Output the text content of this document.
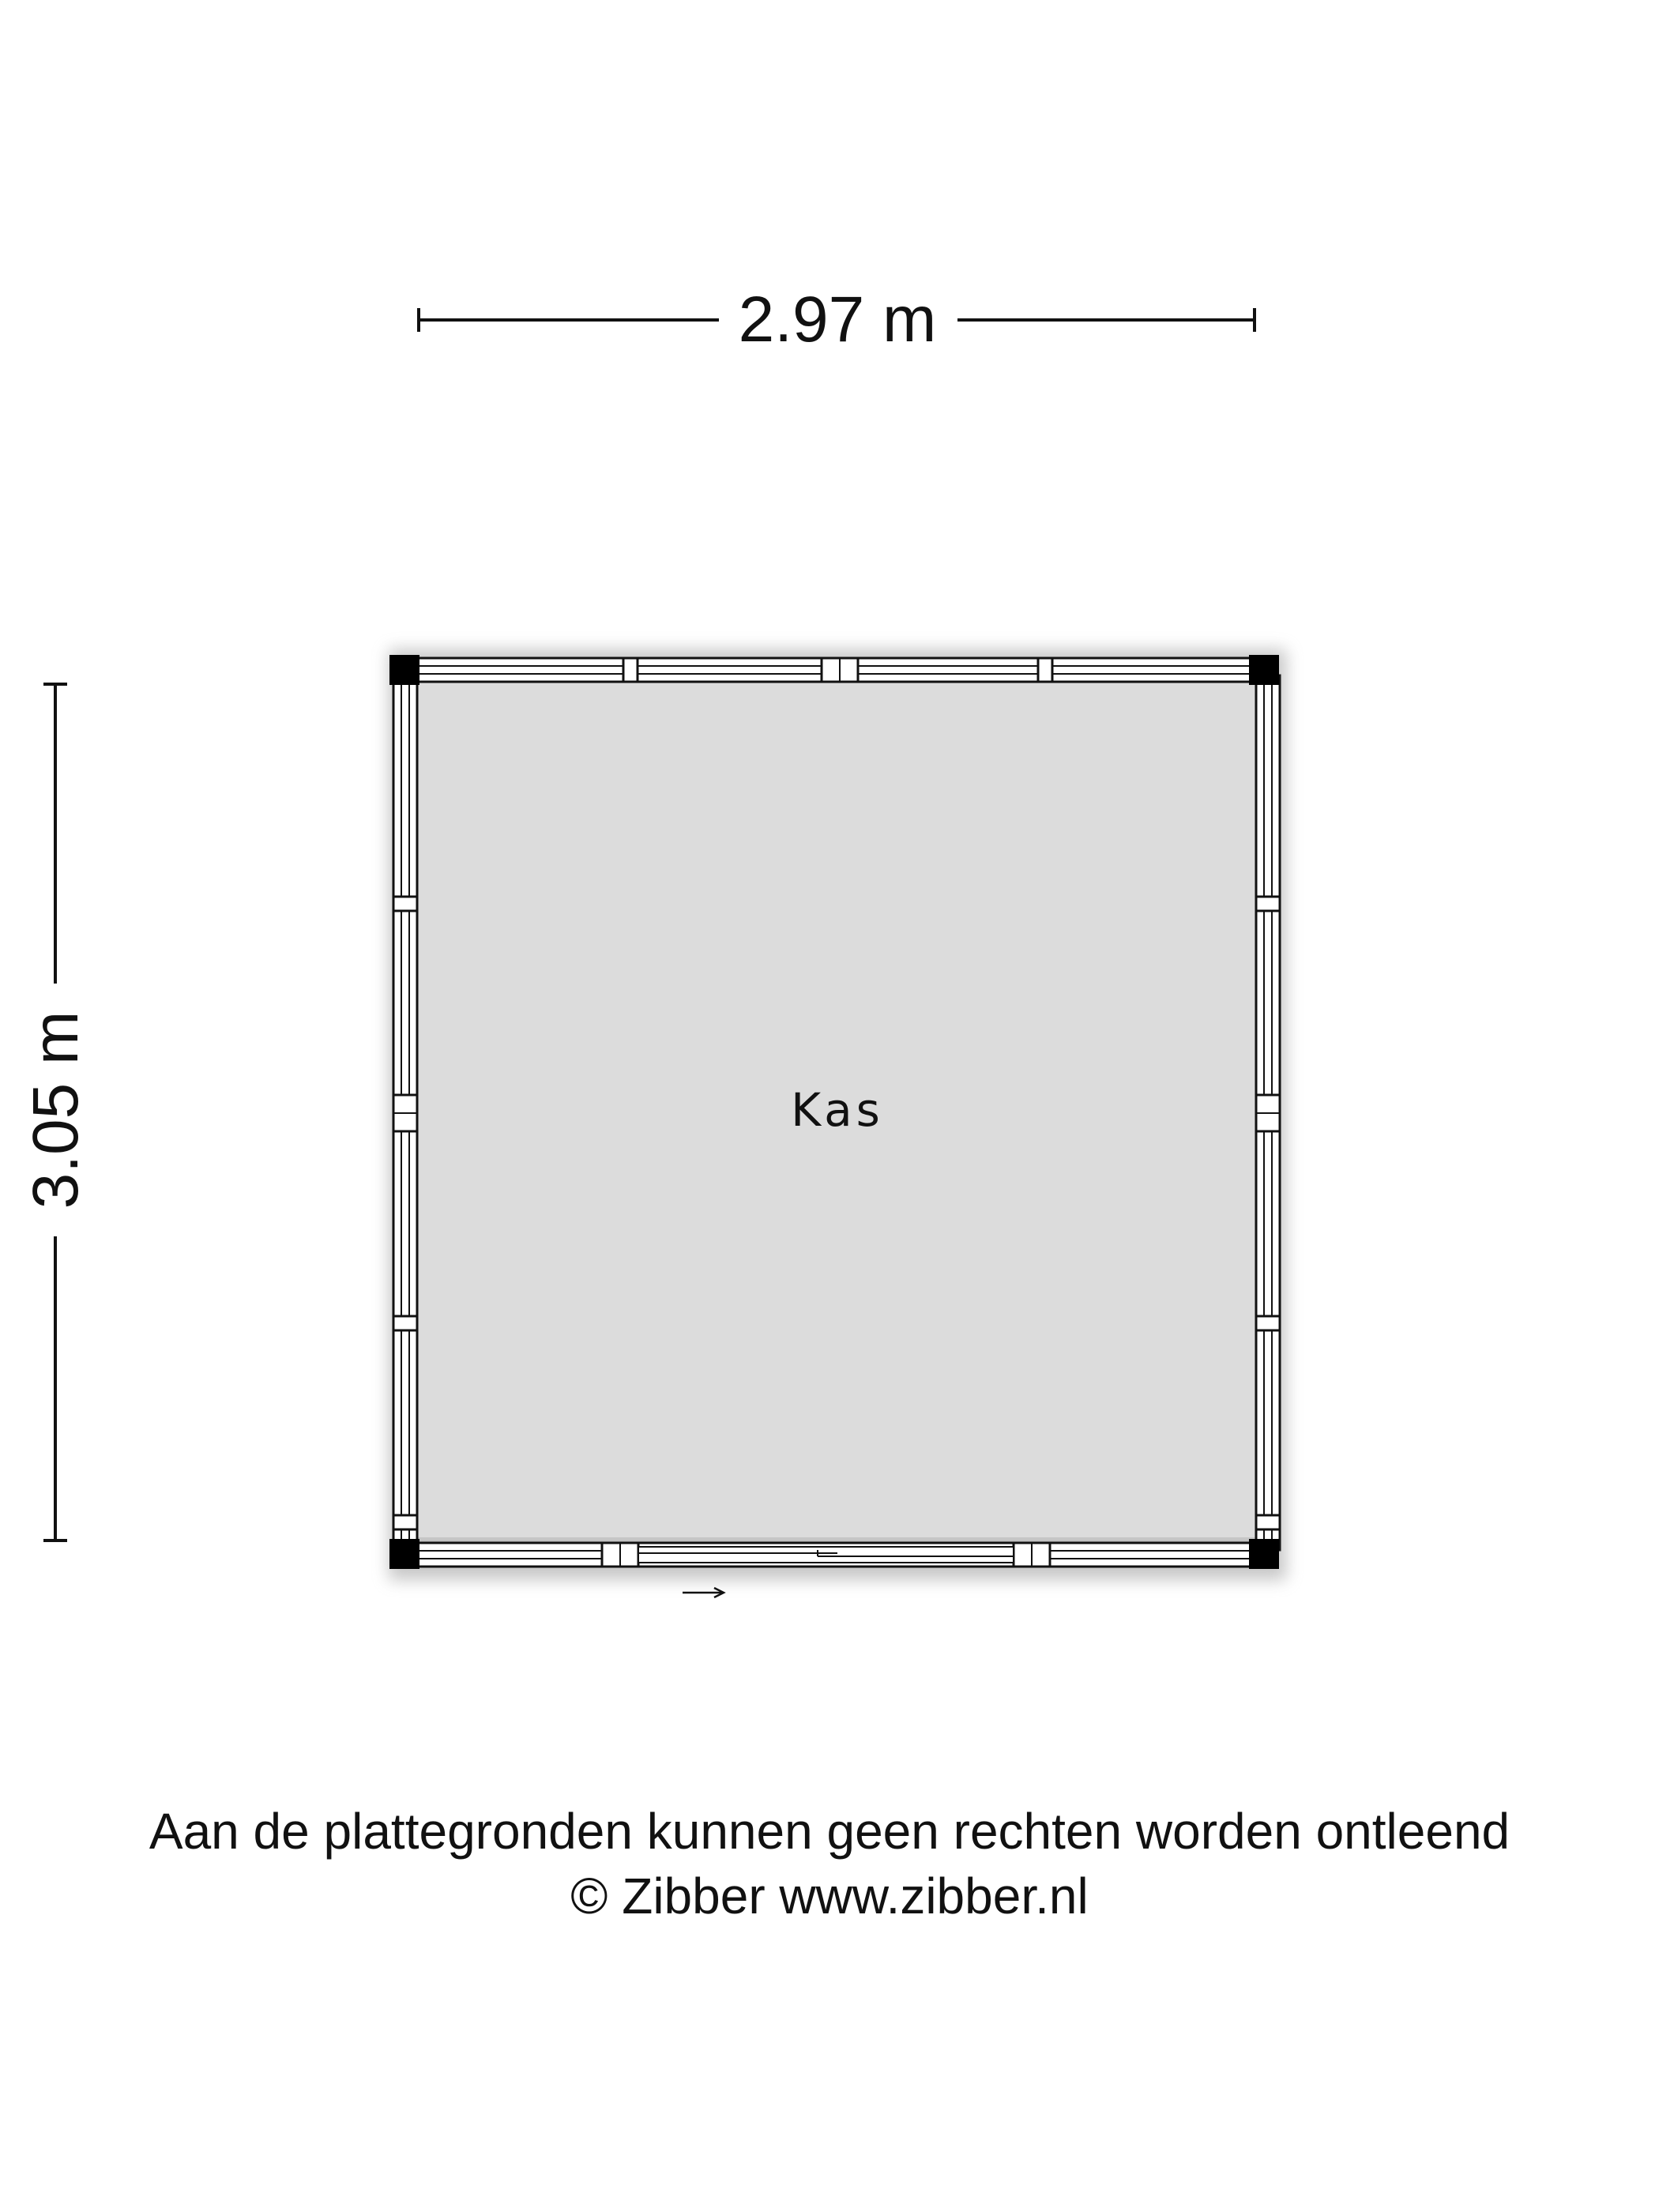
2.97 m
3.05 m	Kas
Aan de plattegronden kunnen geen rechten worden ontleend
© Zibber www.zibber.nl
